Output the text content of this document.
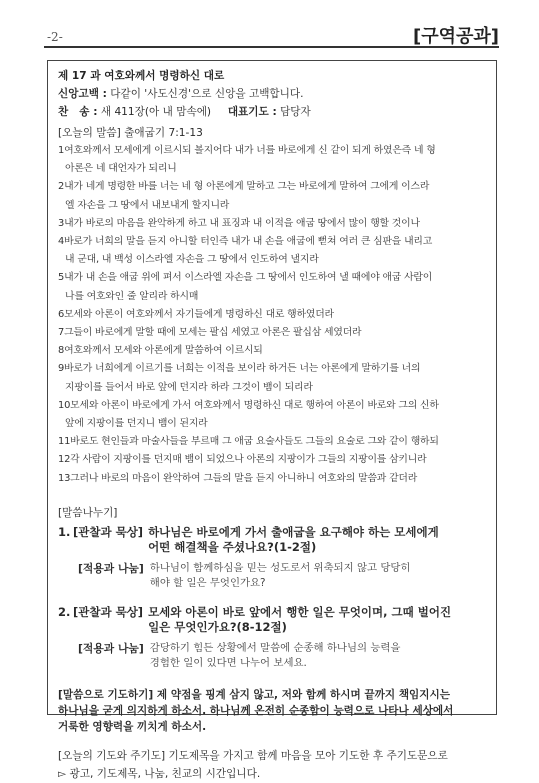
-2-	[구역공과]
제 17 과 여호와께서 명령하신 대로
신앙고백 : 다같이 '사도신경'으로 신앙을 고백합니다.
찬   송 : 새 411장(아 내 맘속에) 대표기도 : 담당자
[오늘의 말씀] 출애굽기 7:1-13
1여호와께서 모세에게 이르시되 볼지어다 내가 너를 바로에게 신 같이 되게 하였은즉 네 형
아론은 네 대언자가 되리니
2내가 네게 명령한 바를 너는 네 형 아론에게 말하고 그는 바로에게 말하여 그에게 이스라
엘 자손을 그 땅에서 내보내게 할지니라
3내가 바로의 마음을 완악하게 하고 내 표징과 내 이적을 애굽 땅에서 많이 행할 것이나
4바로가 너희의 말을 듣지 아니할 터인즉 내가 내 손을 애굽에 뻗쳐 여러 큰 심판을 내리고
내 군대, 내 백성 이스라엘 자손을 그 땅에서 인도하여 낼지라
5내가 내 손을 애굽 위에 펴서 이스라엘 자손을 그 땅에서 인도하여 낼 때에야 애굽 사람이
나를 여호와인 줄 알리라 하시매
6모세와 아론이 여호와께서 자기들에게 명령하신 대로 행하였더라
7그들이 바로에게 말할 때에 모세는 팔십 세였고 아론은 팔십삼 세였더라
8여호와께서 모세와 아론에게 말씀하여 이르시되
9바로가 너희에게 이르기를 너희는 이적을 보이라 하거든 너는 아론에게 말하기를 너의
지팡이를 들어서 바로 앞에 던지라 하라 그것이 뱀이 되리라
10모세와 아론이 바로에게 가서 여호와께서 명령하신 대로 행하여 아론이 바로와 그의 신하
앞에 지팡이를 던지니 뱀이 된지라
11바로도 현인들과 마술사들을 부르매 그 애굽 요술사들도 그들의 요술로 그와 같이 행하되
12각 사람이 지팡이를 던지매 뱀이 되었으나 아론의 지팡이가 그들의 지팡이를 삼키니라
13그러나 바로의 마음이 완악하여 그들의 말을 듣지 아니하니 여호와의 말씀과 같더라
[말씀나누기]
1. [관찰과 묵상] 하나님은 바로에게 가서 출애굽을 요구해야 하는 모세에게
어떤 해결책을 주셨나요?(1-2절)
[적용과 나눔] 하나님이 함께하심을 믿는 성도로서 위축되지 않고 당당히
해야 할 일은 무엇인가요?
2. [관찰과 묵상] 모세와 아론이 바로 앞에서 행한 일은 무엇이며, 그때 벌어진
일은 무엇인가요?(8-12절)
[적용과 나눔] 감당하기 힘든 상황에서 말씀에 순종해 하나님의 능력을
경험한 일이 있다면 나누어 보세요.
[말씀으로 기도하기] 제 약점을 핑계 삼지 않고, 저와 함께 하시며 끝까지 책임지시는
하나님을 굳게 의지하게 하소서. 하나님께 온전히 순종함이 능력으로 나타나 세상에서
거룩한 영향력을 끼치게 하소서.
[오늘의 기도와 주기도] 기도제목을 가지고 함께 마음을 모아 기도한 후 주기도문으로
▻ 광고, 기도제목, 나눔, 친교의 시간입니다.
